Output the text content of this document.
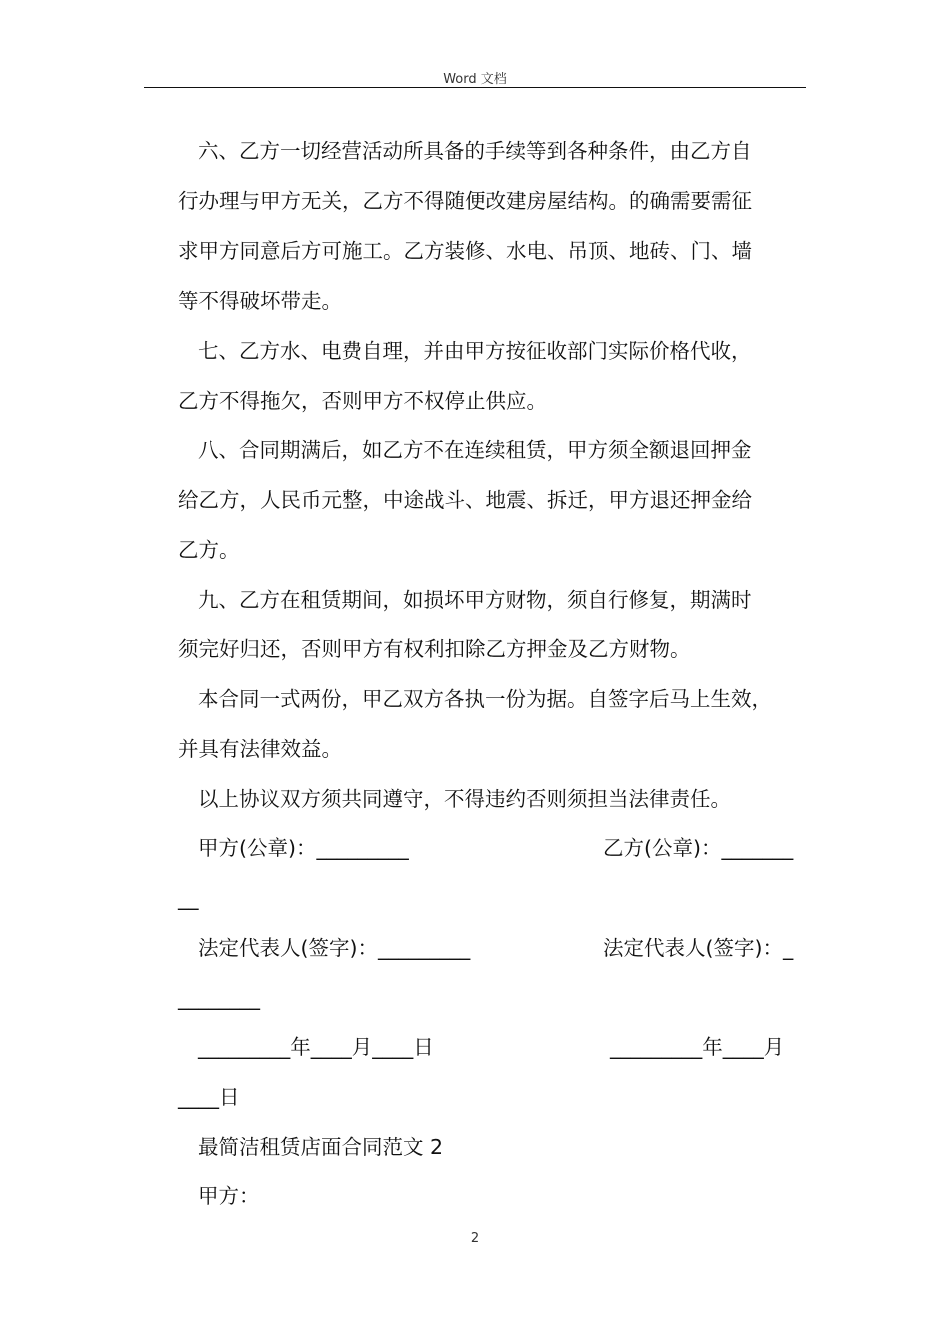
Word 文档
六、乙方一切经营活动所具备的手续等到各种条件，由乙方自
行办理与甲方无关，乙方不得随便改建房屋结构。的确需要需征
求甲方同意后方可施工。乙方装修、水电、吊顶、地砖、门、墙
等不得破坏带走。
七、乙方水、电费自理，并由甲方按征收部门实际价格代收，
乙方不得拖欠，否则甲方不权停止供应。
八、合同期满后，如乙方不在连续租赁，甲方须全额退回押金
给乙方，人民币元整，中途战斗、地震、拆迁，甲方退还押金给
乙方。
九、乙方在租赁期间，如损坏甲方财物，须自行修复，期满时
须完好归还，否则甲方有权利扣除乙方押金及乙方财物。
本合同一式两份，甲乙双方各执一份为据。自签字后马上生效，
并具有法律效益。
以上协议双方须共同遵守，不得违约否则须担当法律责任。
甲方(公章)：_________	乙方(公章)：_______
__
法定代表人(签字)：_________	法定代表人(签字)：_
________
_________年____月____日	_________年____月
____日
最简洁租赁店面合同范文 2
甲方：
2
